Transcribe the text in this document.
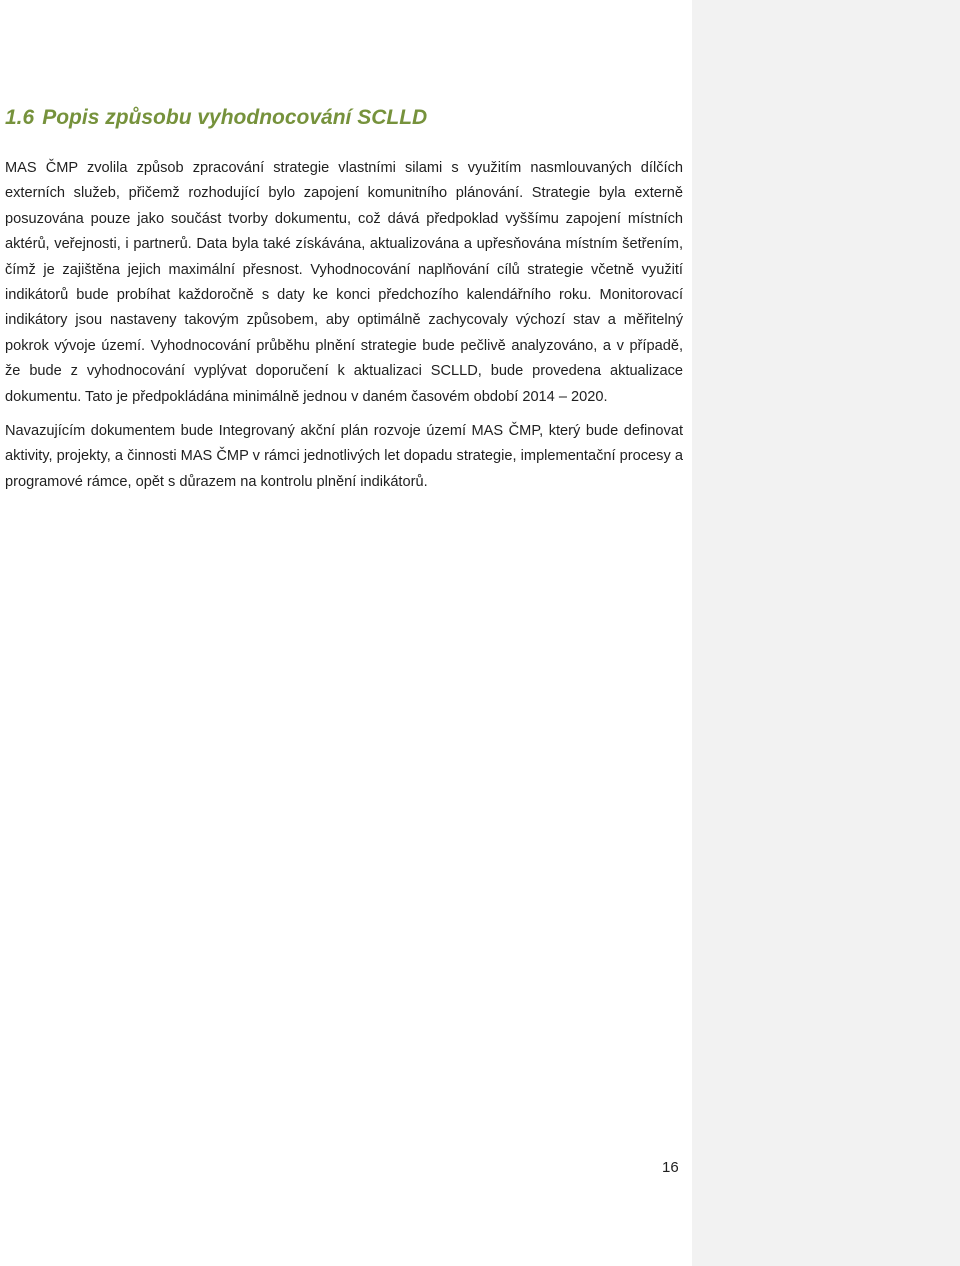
1.6 Popis způsobu vyhodnocování SCLLD

MAS ČMP zvolila způsob zpracování strategie vlastními silami s využitím nasmlouvaných dílčích externích služeb, přičemž rozhodující bylo zapojení komunitního plánování. Strategie byla externě posuzována pouze jako součást tvorby dokumentu, což dává předpoklad vyššímu zapojení místních aktérů, veřejnosti, i partnerů. Data byla také získávána, aktualizována a upřesňována místním šetřením, čímž je zajištěna jejich maximální přesnost. Vyhodnocování naplňování cílů strategie včetně využití indikátorů bude probíhat každoročně s daty ke konci předchozího kalendářního roku. Monitorovací indikátory jsou nastaveny takovým způsobem, aby optimálně zachycovaly výchozí stav a měřitelný pokrok vývoje území. Vyhodnocování průběhu plnění strategie bude pečlivě analyzováno, a v případě, že bude z vyhodnocování vyplývat doporučení k aktualizaci SCLLD, bude provedena aktualizace dokumentu. Tato je předpokládána minimálně jednou v daném časovém období 2014 – 2020.

Navazujícím dokumentem bude Integrovaný akční plán rozvoje území MAS ČMP, který bude definovat aktivity, projekty, a činnosti MAS ČMP v rámci jednotlivých let dopadu strategie, implementační procesy a programové rámce, opět s důrazem na kontrolu plnění indikátorů.

16
